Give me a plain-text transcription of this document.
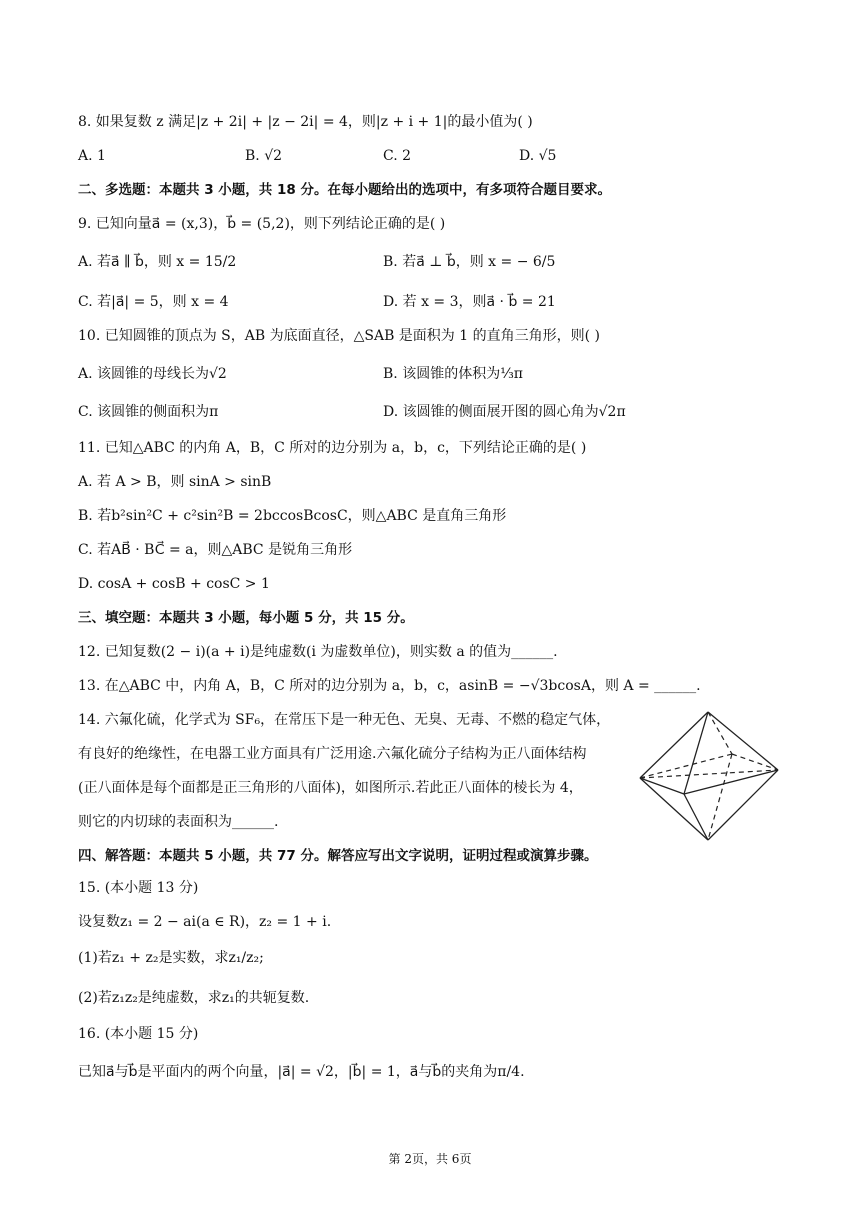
8. 如果复数 z 满足|z + 2i| + |z − 2i| = 4，则|z + i + 1|的最小值为( )
A. 1	B. √2	C. 2	D. √5
二、多选题：本题共 3 小题，共 18 分。在每小题给出的选项中，有多项符合题目要求。
9. 已知向量a⃗ = (x,3)，b⃗ = (5,2)，则下列结论正确的是( )
A. 若a⃗ ∥ b⃗，则 x = 15/2	B. 若a⃗ ⊥ b⃗，则 x = − 6/5
C. 若|a⃗| = 5，则 x = 4	D. 若 x = 3，则a⃗ · b⃗ = 21
10. 已知圆锥的顶点为 S，AB 为底面直径，△SAB 是面积为 1 的直角三角形，则( )
A. 该圆锥的母线长为√2	B. 该圆锥的体积为⅓π
C. 该圆锥的侧面积为π	D. 该圆锥的侧面展开图的圆心角为√2π
11. 已知△ABC 的内角 A，B，C 所对的边分别为 a，b，c，下列结论正确的是( )
A. 若 A > B，则 sinA > sinB
B. 若b²sin²C + c²sin²B = 2bccosBcosC，则△ABC 是直角三角形
C. 若AB⃗ · BC⃗ = a，则△ABC 是锐角三角形
D. cosA + cosB + cosC > 1
三、填空题：本题共 3 小题，每小题 5 分，共 15 分。
12. 已知复数(2 − i)(a + i)是纯虚数(i 为虚数单位)，则实数 a 的值为______.
13. 在△ABC 中，内角 A，B，C 所对的边分别为 a，b，c，asinB = −√3bcosA，则 A = ______.
14. 六氟化硫，化学式为 SF₆，在常压下是一种无色、无臭、无毒、不燃的稳定气体，
有良好的绝缘性，在电器工业方面具有广泛用途.六氟化硫分子结构为正八面体结构
(正八面体是每个面都是正三角形的八面体)，如图所示.若此正八面体的棱长为 4，
则它的内切球的表面积为______.
四、解答题：本题共 5 小题，共 77 分。解答应写出文字说明，证明过程或演算步骤。
15. (本小题 13 分)
设复数z₁ = 2 − ai(a ∈ R)，z₂ = 1 + i.
(1)若z₁ + z₂是实数，求z₁/z₂;
(2)若z₁z₂是纯虚数，求z₁的共轭复数.
16. (本小题 15 分)
已知a⃗与b⃗是平面内的两个向量，|a⃗| = √2，|b⃗| = 1，a⃗与b⃗的夹角为π/4.
第 2页，共 6页
